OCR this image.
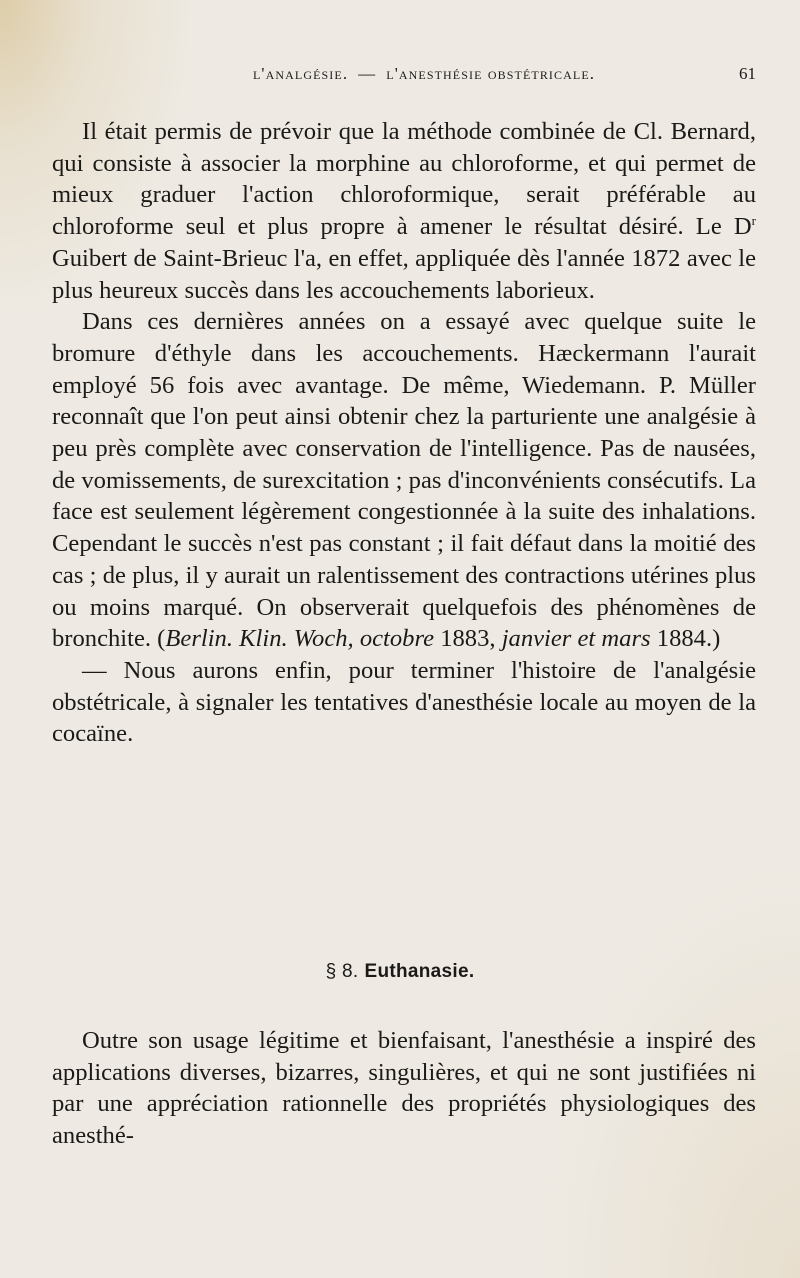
l'analgésie. — l'anesthésie obstétricale.	61

Il était permis de prévoir que la méthode combinée de Cl. Bernard, qui consiste à associer la morphine au chloroforme, et qui permet de mieux graduer l'action chloroformique, serait préférable au chloroforme seul et plus propre à amener le résultat désiré. Le $D^r$ Guibert de Saint-Brieuc l'a, en effet, appliquée dès l'année 1872 avec le plus heureux succès dans les accouchements laborieux.

Dans ces dernières années on a essayé avec quelque suite le bromure d'éthyle dans les accouchements. Hæckermann l'aurait employé 56 fois avec avantage. De même, Wiedemann. P. Müller reconnaît que l'on peut ainsi obtenir chez la parturiente une analgésie à peu près complète avec conservation de l'intelligence. Pas de nausées, de vomissements, de surexcitation ; pas d'inconvénients consécutifs. La face est seulement légèrement congestionnée à la suite des inhalations. Cependant le succès n'est pas constant ; il fait défaut dans la moitié des cas ; de plus, il y aurait un ralentissement des contractions utérines plus ou moins marqué. On observerait quelquefois des phénomènes de bronchite. (Berlin. Klin. Woch, octobre 1883, janvier et mars 1884.)

— Nous aurons enfin, pour terminer l'histoire de l'analgésie obstétricale, à signaler les tentatives d'anesthésie locale au moyen de la cocaïne.

§ 8. Euthanasie.

Outre son usage légitime et bienfaisant, l'anesthésie a inspiré des applications diverses, bizarres, singulières, et qui ne sont justifiées ni par une appréciation rationnelle des propriétés physiologiques des anesthé-
